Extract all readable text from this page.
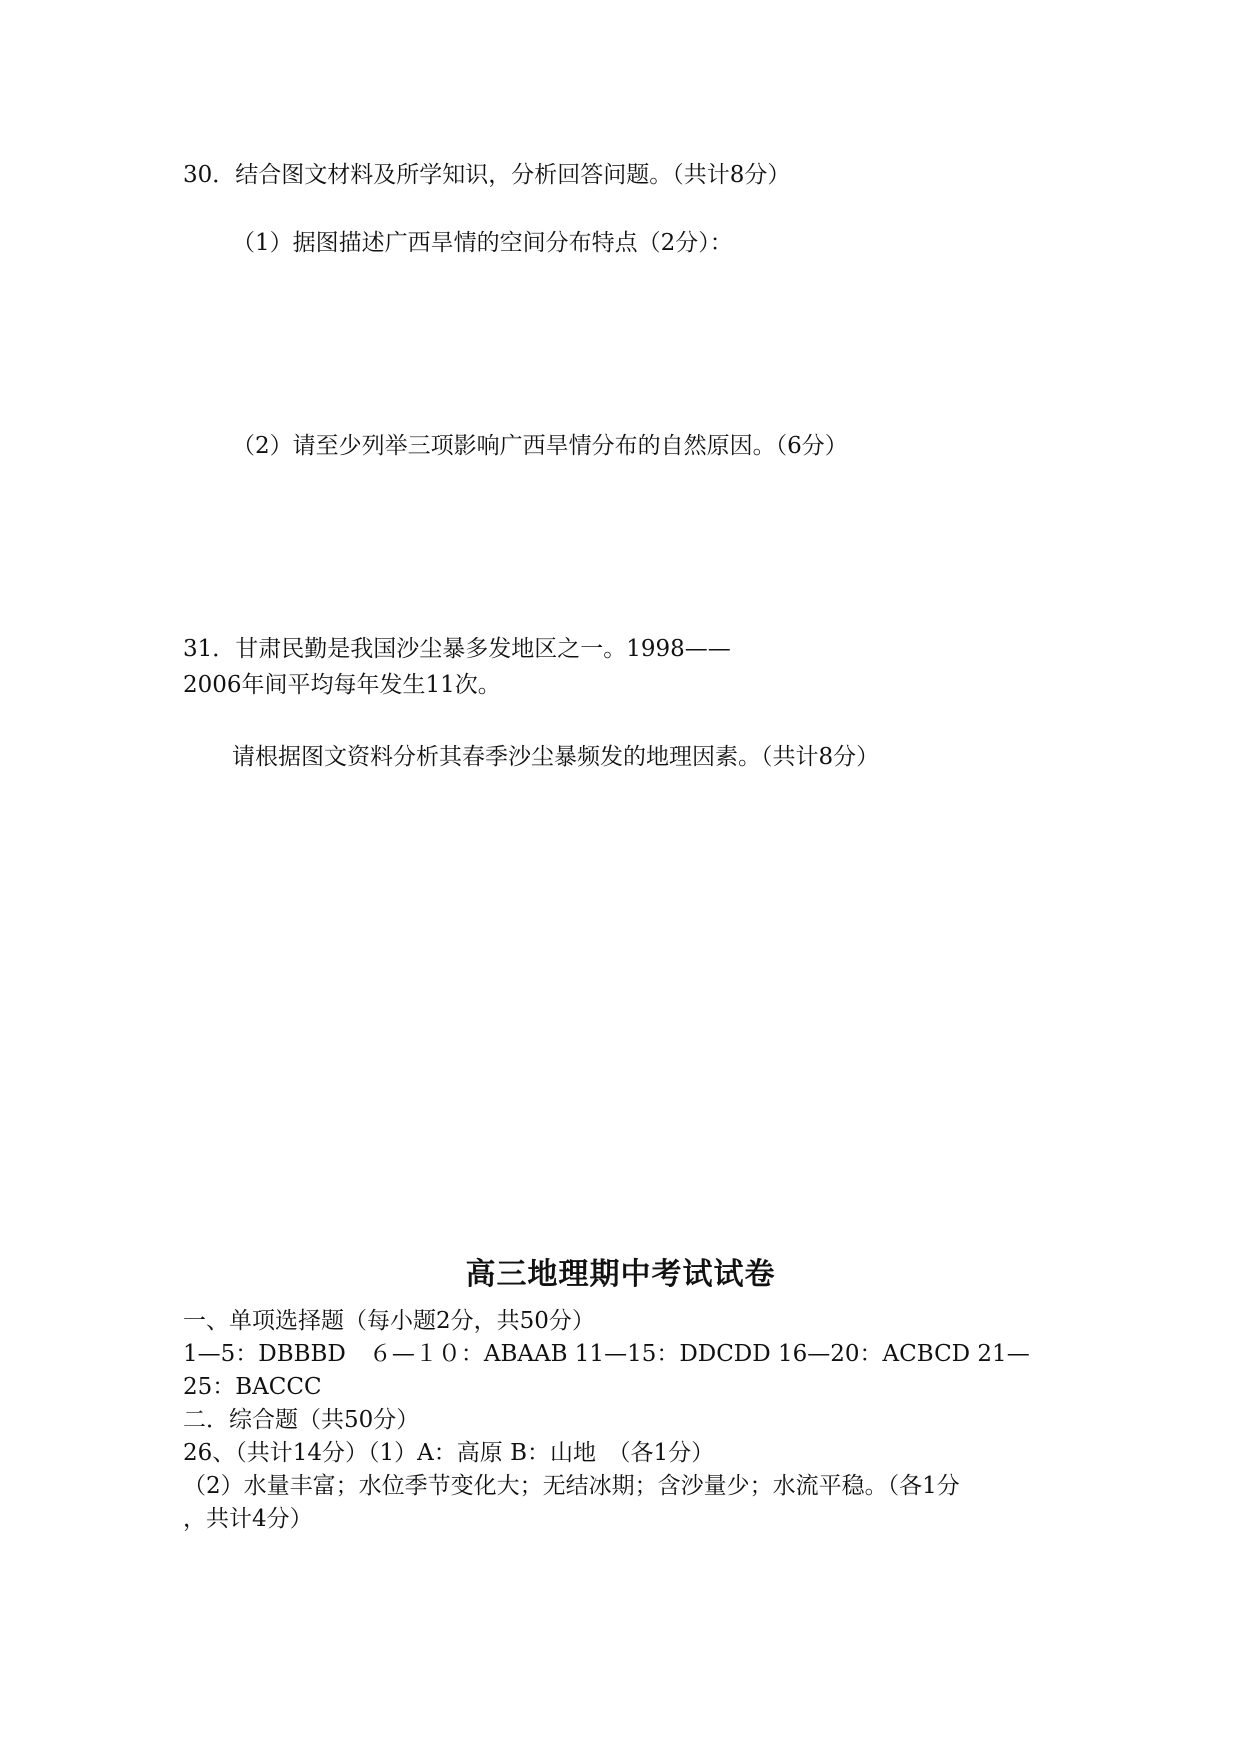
30．结合图文材料及所学知识，分析回答问题。（共计8分）
（1）据图描述广西旱情的空间分布特点（2分）：
（2）请至少列举三项影响广西旱情分布的自然原因。（6分）
31．甘肃民勤是我国沙尘暴多发地区之一。1998——
2006年间平均每年发生11次。
请根据图文资料分析其春季沙尘暴频发的地理因素。（共计8分）
高三地理期中考试试卷
一、单项选择题（每小题2分，共50分）
1—5：DBBBD　６—１０：ABAAB 11—15：DDCDD 16—20：ACBCD 21—
25：BACCC
二．综合题（共50分）
26、（共计14分）（1）A：高原 B：山地　（各1分）
（2）水量丰富；水位季节变化大；无结冰期；含沙量少；水流平稳。（各1分
，共计4分）
